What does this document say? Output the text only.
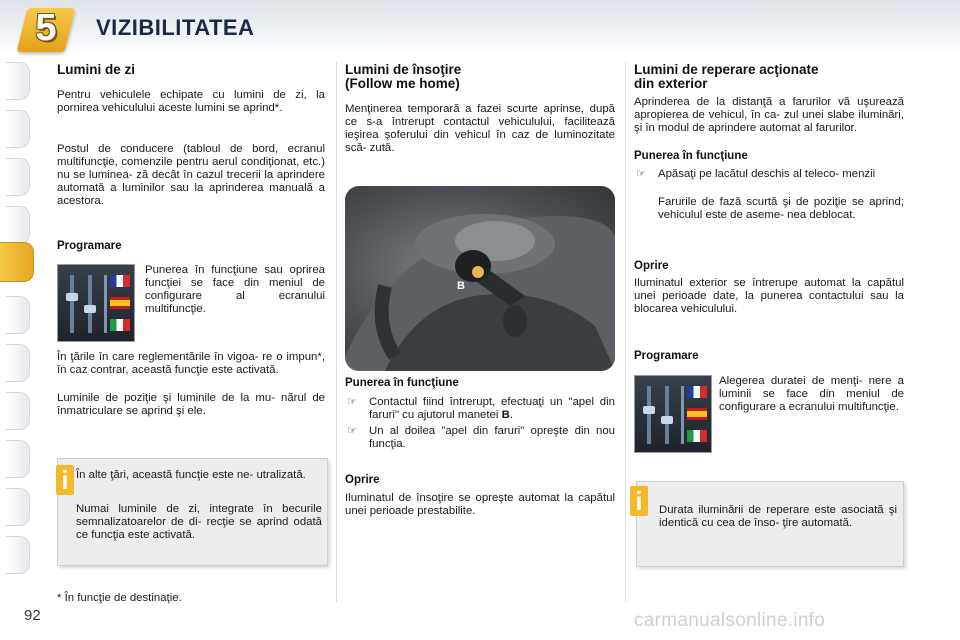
5	VIZIBILITATEA
Lumini de zi

Pentru vehiculele echipate cu lumini de zi, la pornirea vehiculului aceste lumini se aprind*.

Postul de conducere (tabloul de bord, ecranul multifuncţie, comenzile pentru aerul condiţionat, etc.) nu se luminea- ză decât în cazul trecerii la aprindere automată a luminilor sau la aprinderea manuală a acestora.

Programare

Punerea în funcţiune sau oprirea funcţiei se face din meniul de configurare al ecranului multifuncţie.

În ţările în care reglementările în vigoa- re o impun*, în caz contrar, această funcţie este activată.

Luminile de poziţie şi luminile de la mu- nărul de înmatriculare se aprind şi ele.

În alte ţări, această funcţie este ne- utralizată.

Numai luminile de zi, integrate în becurile semnalizatoarelor de di- recţie se aprind odată ce funcţia este activată.

i
Lumini de însoţire
(Follow me home)

Menţinerea temporară a fazei scurte aprinse, după ce s-a întrerupt contactul vehiculului, facilitează ieşirea şoferului din vehicul în caz de luminozitate scă- zută.

B
Punerea în funcţiune
☞ Contactul fiind întrerupt, efectuaţi un "apel din faruri" cu ajutorul manetei B.
☞ Un al doilea "apel din faruri" opreşte din nou funcţia.
Oprire

Iluminatul de însoţire se opreşte automat la capătul unei perioade prestabilite.

Lumini de reperare acţionate
din exterior

Aprinderea de la distanţă a farurilor vă uşurează apropierea de vehicul, în ca- zul unei slabe iluminări, şi în modul de aprindere automat al farurilor.

Punerea în funcţiune
☞ Apăsaţi pe lacătul deschis al teleco- menzii

Farurile de fază scurtă şi de poziţie se aprind; vehiculul este de aseme- nea deblocat.

Oprire

Iluminatul exterior se întrerupe automat la capătul unei perioade date, la punerea contactului sau la blocarea vehiculului.

Programare

Alegerea duratei de menţi- nere a luminii se face din meniul de configurare a ecranului multifuncţie.

Durata iluminării de reperare este asociată şi identică cu cea de înso- ţire automată.

i
* În funcţie de destinaţie.
92	carmanualsonline.info
